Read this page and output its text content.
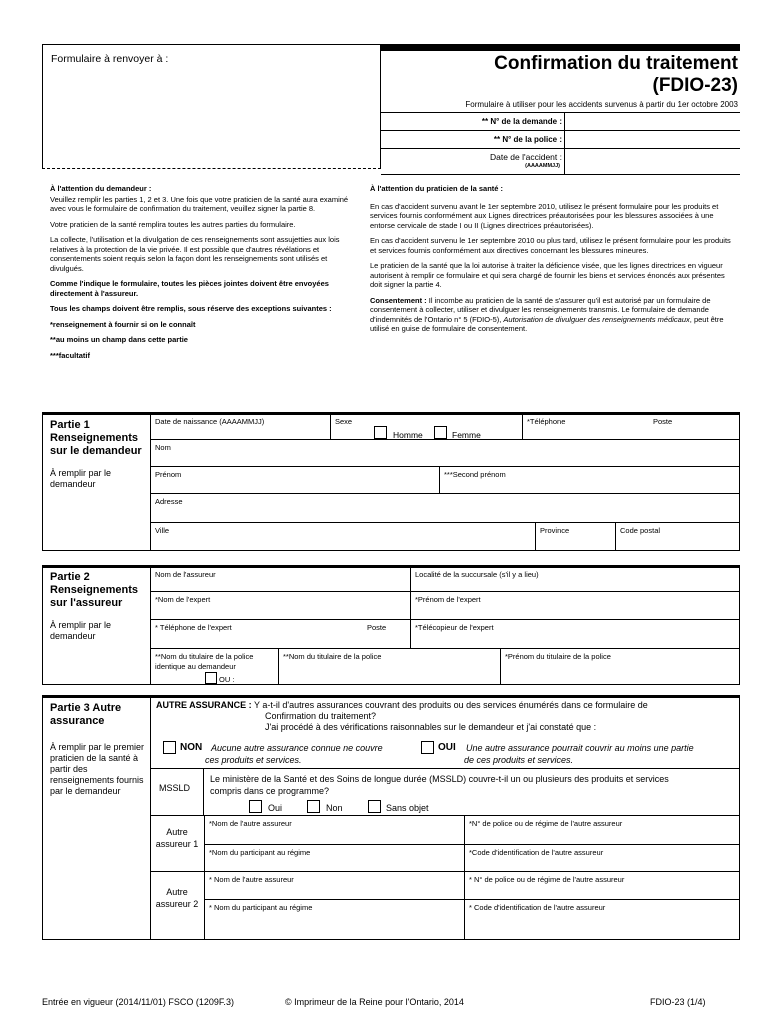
Formulaire à renvoyer à :	Confirmation du traitement
(FDIO-23)
Formulaire à utiliser pour les accidents survenus à partir du 1er octobre 2003
** N° de la demande :
** N° de la police :
Date de l'accident :
(AAAAMMJJ)

À l'attention du demandeur :

Veuillez remplir les parties 1, 2 et 3. Une fois que votre praticien de la santé aura examiné avec vous le formulaire de confirmation du traitement, veuillez signer la partie 8.

Votre praticien de la santé remplira toutes les autres parties du formulaire.

La collecte, l'utilisation et la divulgation de ces renseignements sont assujetties aux lois relatives à la protection de la vie privée. Il est possible que d'autres révélations et consentements soient requis selon la façon dont les renseignements sont utilisés et divulgués.

Comme l'indique le formulaire, toutes les pièces jointes doivent être envoyées directement à l'assureur.

Tous les champs doivent être remplis, sous réserve des exceptions suivantes :

*renseignement à fournir si on le connaît

**au moins un champ dans cette partie

***facultatif

À l'attention du praticien de la santé :

En cas d'accident survenu avant le 1er septembre 2010, utilisez le présent formulaire pour les produits et services fournis conformément aux Lignes directrices préautorisées pour les blessures associées à une entorse cervicale de stade I ou II (Lignes directrices préautorisées).

En cas d'accident survenu le 1er septembre 2010 ou plus tard, utilisez le présent formulaire pour les produits et services fournis conformément aux directives concernant les blessures mineures.

Le praticien de la santé que la loi autorise à traiter la déficience visée, que les lignes directrices en vigueur autorisent à remplir ce formulaire et qui sera chargé de fournir les biens et services énoncés aux présentes doit signer la partie 4.

Consentement : Il incombe au praticien de la santé de s'assurer qu'il est autorisé par un formulaire de consentement à collecter, utiliser et divulguer les renseignements transmis. Le formulaire de demande d'indemnités de l'Ontario n° 5 (FDIO-5), Autorisation de divulguer des renseignements médicaux, peut être utilisé en guise de formulaire de consentement.

Partie 1 Renseignements sur le demandeur
À remplir par le demandeur
Date de naissance (AAAAMMJJ)	Sexe
Homme	Femme
*Téléphone	Poste
Nom
Prénom	***Second prénom
Adresse
Ville	Province	Code postal
Partie 2 Renseignements sur l'assureur
À remplir par le demandeur
Nom de l'assureur	Localité de la succursale (s'il y a lieu)
*Nom de l'expert	*Prénom de l'expert
* Téléphone de l'expert	Poste	*Télécopieur de l'expert
**Nom du titulaire de la police identique au demandeur
OU :
**Nom du titulaire de la police	*Prénom du titulaire de la police
Partie 3 Autre assurance
À remplir par le premier praticien de la santé à partir des renseignements fournis par le demandeur
AUTRE ASSURANCE : Y a-t-il d'autres assurances couvrant des produits ou des services énumérés dans ce formulaire de
Confirmation du traitement?
J'ai procédé à des vérifications raisonnables sur le demandeur et j'ai constaté que :
NON Aucune autre assurance connue ne couvre
ces produits et services.
OUI Une autre assurance pourrait couvrir au moins une partie
de ces produits et services.
MSSLD
Le ministère de la Santé et des Soins de longue durée (MSSLD) couvre-t-il un ou plusieurs des produits et services
compris dans ce programme?
Oui	Non	Sans objet
Autre assureur 1
*Nom de l'autre assureur	*N° de police ou de régime de l'autre assureur
*Nom du participant au régime	*Code d'identification de l'autre assureur
Autre assureur 2
* Nom de l'autre assureur	* N° de police ou de régime de l'autre assureur
* Nom du participant au régime	* Code d'identification de l'autre assureur
Entrée en vigueur (2014/11/01) FSCO (1209F.3)	© Imprimeur de la Reine pour l'Ontario, 2014	FDIO-23 (1/4)
